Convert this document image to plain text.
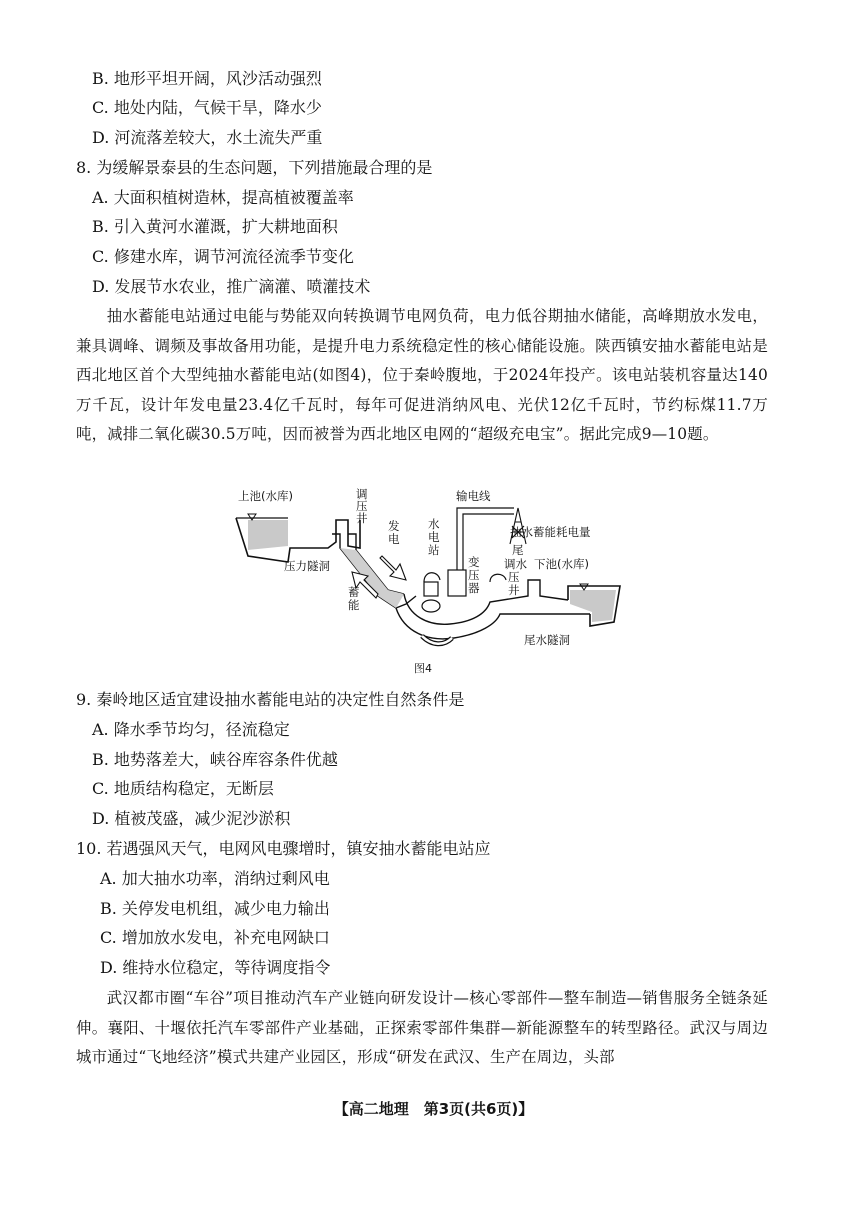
B. 地形平坦开阔，风沙活动强烈
C. 地处内陆，气候干旱，降水少
D. 河流落差较大，水土流失严重
8. 为缓解景泰县的生态问题，下列措施最合理的是
A. 大面积植树造林，提高植被覆盖率
B. 引入黄河水灌溉，扩大耕地面积
C. 修建水库，调节河流径流季节变化
D. 发展节水农业，推广滴灌、喷灌技术
抽水蓄能电站通过电能与势能双向转换调节电网负荷，电力低谷期抽水储能，高峰期放水发电，兼具调峰、调频及事故备用功能，是提升电力系统稳定性的核心储能设施。陕西镇安抽水蓄能电站是西北地区首个大型纯抽水蓄能电站(如图4)，位于秦岭腹地，于2024年投产。该电站装机容量达140万千瓦，设计年发电量23.4亿千瓦时，每年可促进消纳风电、光伏12亿千瓦时，节约标煤11.7万吨，减排二氧化碳30.5万吨，因而被誉为西北地区电网的“超级充电宝”。据此完成9—10题。
上池(水库)	调
压
井
压力隧洞
发
电
蓄
能
输电线
抽水蓄能耗电量
水
电
站
变
压
器
尾
调水
压
井
下池(水库)
尾水隧洞
图4
9. 秦岭地区适宜建设抽水蓄能电站的决定性自然条件是
A. 降水季节均匀，径流稳定
B. 地势落差大，峡谷库容条件优越
C. 地质结构稳定，无断层
D. 植被茂盛，减少泥沙淤积
10. 若遇强风天气，电网风电骤增时，镇安抽水蓄能电站应
A. 加大抽水功率，消纳过剩风电
B. 关停发电机组，减少电力输出
C. 增加放水发电，补充电网缺口
D. 维持水位稳定，等待调度指令
武汉都市圈“车谷”项目推动汽车产业链向研发设计—核心零部件—整车制造—销售服务全链条延伸。襄阳、十堰依托汽车零部件产业基础，正探索零部件集群—新能源整车的转型路径。武汉与周边城市通过“飞地经济”模式共建产业园区，形成“研发在武汉、生产在周边，头部
【高二地理　第3页(共6页)】
